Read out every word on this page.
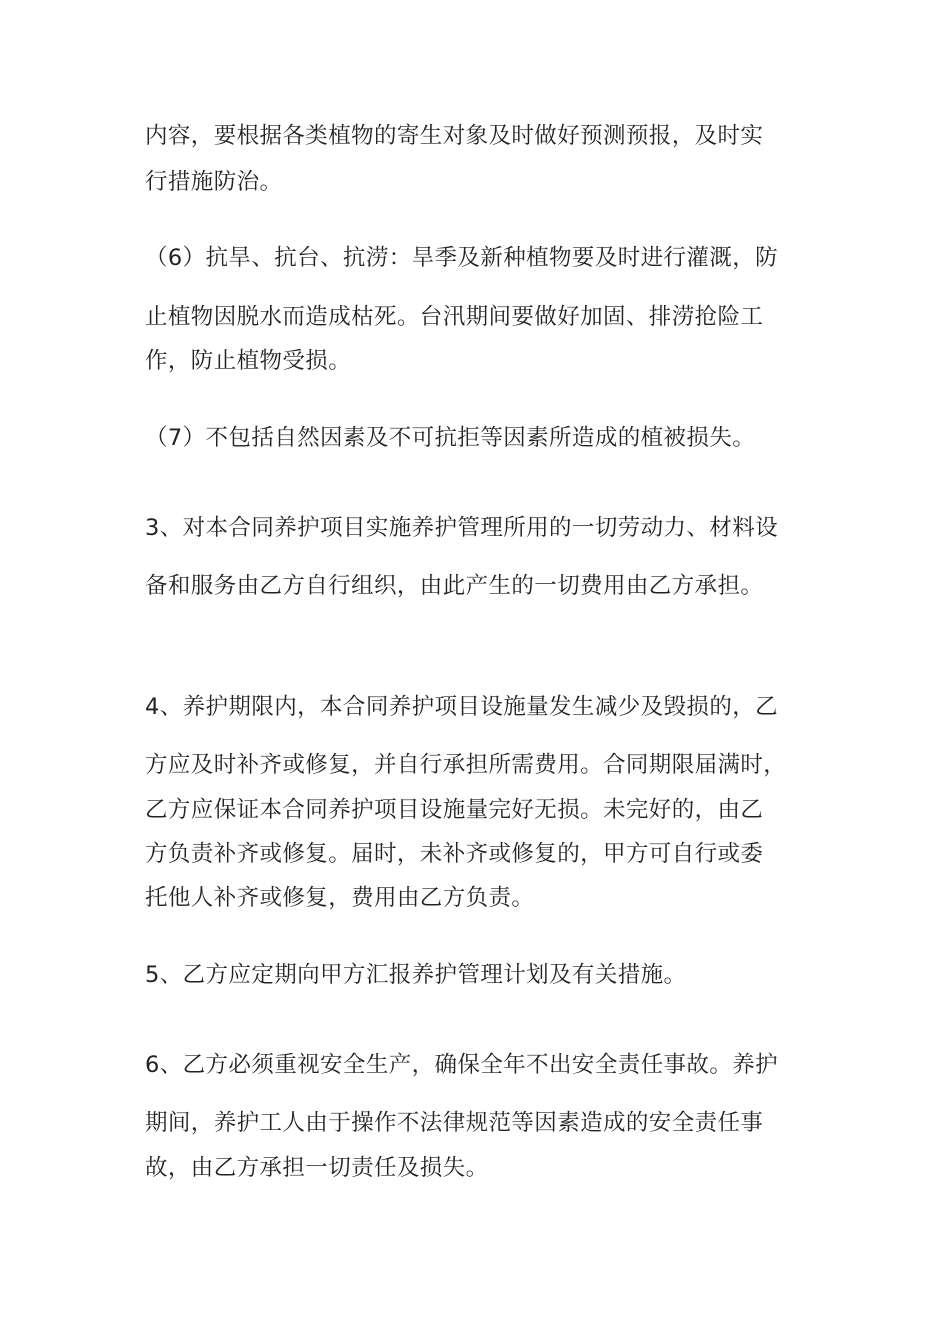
内容，要根据各类植物的寄生对象及时做好预测预报，及时实

行措施防治。

（6）抗旱、抗台、抗涝：旱季及新种植物要及时进行灌溉，防

止植物因脱水而造成枯死。台汛期间要做好加固、排涝抢险工

作，防止植物受损。

（7）不包括自然因素及不可抗拒等因素所造成的植被损失。

3、对本合同养护项目实施养护管理所用的一切劳动力、材料设

备和服务由乙方自行组织，由此产生的一切费用由乙方承担。

4、养护期限内，本合同养护项目设施量发生减少及毁损的，乙

方应及时补齐或修复，并自行承担所需费用。合同期限届满时，

乙方应保证本合同养护项目设施量完好无损。未完好的，由乙

方负责补齐或修复。届时，未补齐或修复的，甲方可自行或委

托他人补齐或修复，费用由乙方负责。

5、乙方应定期向甲方汇报养护管理计划及有关措施。

6、乙方必须重视安全生产，确保全年不出安全责任事故。养护

期间，养护工人由于操作不法律规范等因素造成的安全责任事

故，由乙方承担一切责任及损失。
